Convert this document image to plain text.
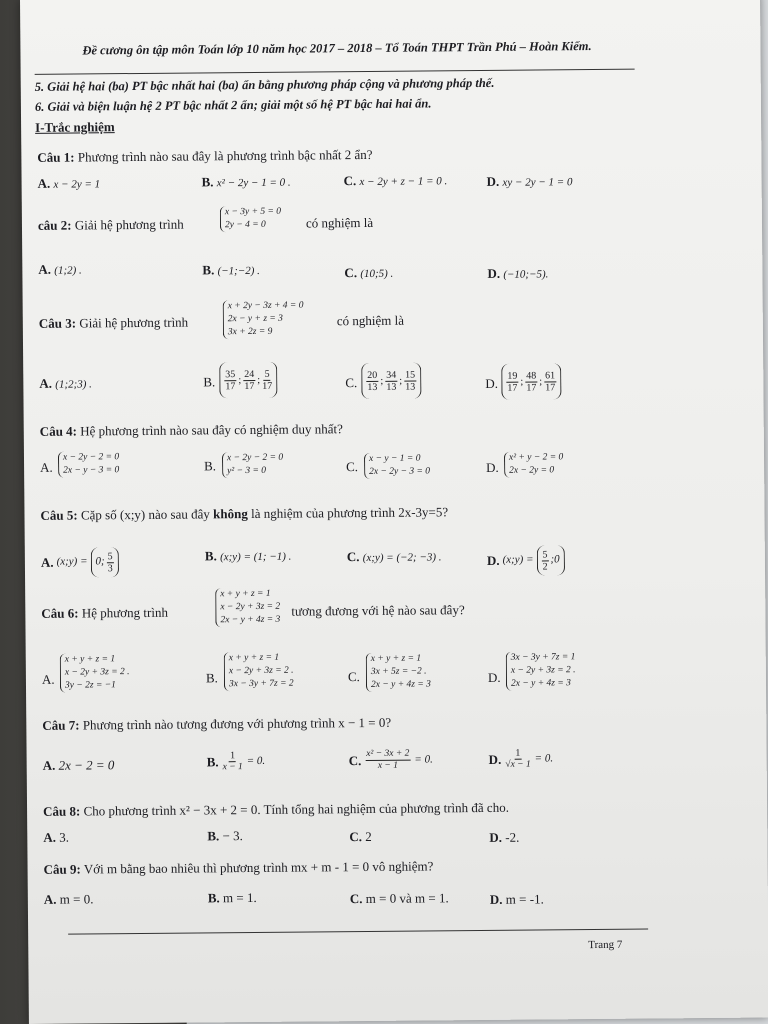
Đề cương ôn tập môn Toán lớp 10 năm học 2017 – 2018 – Tổ Toán THPT Trần Phú – Hoàn Kiếm.
5. Giải hệ hai (ba) PT bậc nhất hai (ba) ẩn bằng phương pháp cộng và phương pháp thế.
6. Giải và biện luận hệ 2 PT bậc nhất 2 ẩn; giải một số hệ PT bậc hai hai ẩn.
I-Trắc nghiệm
Câu 1: Phương trình nào sau đây là phương trình bậc nhất 2 ẩn?
A. x − 2y = 1	B. x² − 2y − 1 = 0 .	C. x − 2y + z − 1 = 0 .	D. xy − 2y − 1 = 0
câu 2: Giải hệ phương trình
x − 3y + 5 = 0
2y − 4 = 0	có nghiệm là
A. (1;2) .	B. (−1;−2) .	C. (10;5) .	D. (−10;−5).
Câu 3: Giải hệ phương trình
x + 2y − 3z + 4 = 0
2x − y + z = 3
3x + 2z = 9
có nghiệm là
A. (1;2;3) .	B. $\frac{35}{17}$ ; $\frac{24}{17}$ ; $\frac{5}{17}$	C. $\frac{20}{13}$ ; $\frac{34}{13}$ ; $\frac{15}{13}$	D. $\frac{19}{17}$ ; $\frac{48}{17}$ ; $\frac{61}{17}$
Câu 4: Hệ phương trình nào sau đây có nghiệm duy nhất?
A.
x − 2y − 2 = 0
2x − y − 3 = 0	B.
x − 2y − 2 = 0
y² − 3 = 0	C.
x − y − 1 = 0
2x − 2y − 3 = 0	D.
x² + y − 2 = 0
2x − 2y = 0
Câu 5: Cặp số (x;y) nào sau đây không là nghiệm của phương trình 2x-3y=5?
A. (x;y) = 0; $\frac{5}{3}$	B. (x;y) = (1; −1) .	C. (x;y) = (−2; −3) .	D. (x;y) = $\frac{5}{2}$ ;0
Câu 6: Hệ phương trình
x + y + z = 1
x − 2y + 3z = 2
2x − y + 4z = 3
tương đương với hệ nào sau đây?
A.
x + y + z = 1
x − 2y + 3z = 2 .
3y − 2z = −1
B.
x + y + z = 1
x − 2y + 3z = 2 .
3x − 3y + 7z = 2	C.
x + y + z = 1
3x + 5z = −2 .
2x − y + 4z = 3	D.
3x − 3y + 7z = 1
x − 2y + 3z = 2 .
2x − y + 4z = 3
Câu 7: Phương trình nào tương đương với phương trình x − 1 = 0?
A. 2x − 2 = 0	B. $\frac{1}{x - 1} = 0$.	C. $\frac{\text{x² − 3x + 2}}{x - 1} = 0$.	D. $\frac{1}{√x - 1} = 0$.
Câu 8: Cho phương trình x² − 3x + 2 = 0. Tính tổng hai nghiệm của phương trình đã cho.
A. 3.	B. − 3.	C. 2	D. -2.
Câu 9: Với m bằng bao nhiêu thì phương trình mx + m - 1 = 0 vô nghiệm?
A. m = 0.	B. m = 1.	C. m = 0 và m = 1.	D. m = -1.
Trang 7
